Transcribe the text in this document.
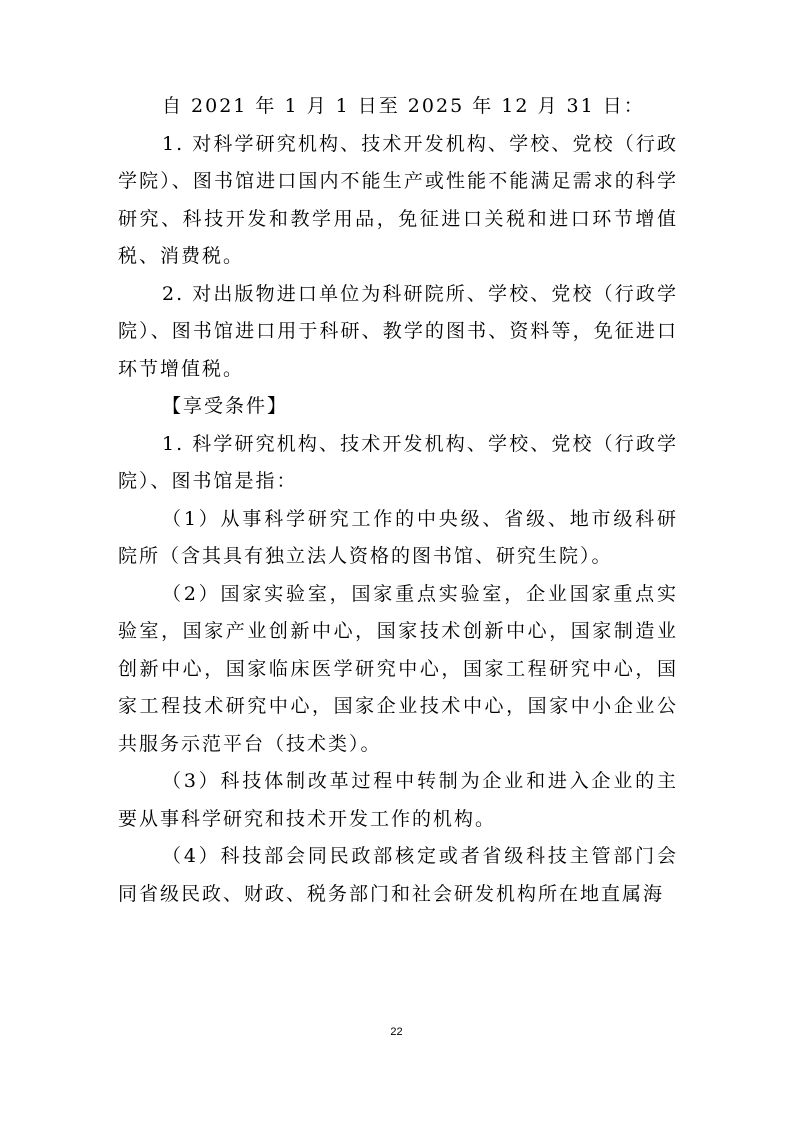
自 2021 年 1 月 1 日至 2025 年 12 月 31 日：

1. 对科学研究机构、技术开发机构、学校、党校（行政学院）、图书馆进口国内不能生产或性能不能满足需求的科学研究、科技开发和教学用品，免征进口关税和进口环节增值税、消费税。

2. 对出版物进口单位为科研院所、学校、党校（行政学院）、图书馆进口用于科研、教学的图书、资料等，免征进口环节增值税。

【享受条件】

1. 科学研究机构、技术开发机构、学校、党校（行政学院）、图书馆是指：

（1）从事科学研究工作的中央级、省级、地市级科研院所（含其具有独立法人资格的图书馆、研究生院）。

（2）国家实验室，国家重点实验室，企业国家重点实验室，国家产业创新中心，国家技术创新中心，国家制造业创新中心，国家临床医学研究中心，国家工程研究中心，国家工程技术研究中心，国家企业技术中心，国家中小企业公共服务示范平台（技术类）。

（3）科技体制改革过程中转制为企业和进入企业的主要从事科学研究和技术开发工作的机构。

（4）科技部会同民政部核定或者省级科技主管部门会同省级民政、财政、税务部门和社会研发机构所在地直属海

22
